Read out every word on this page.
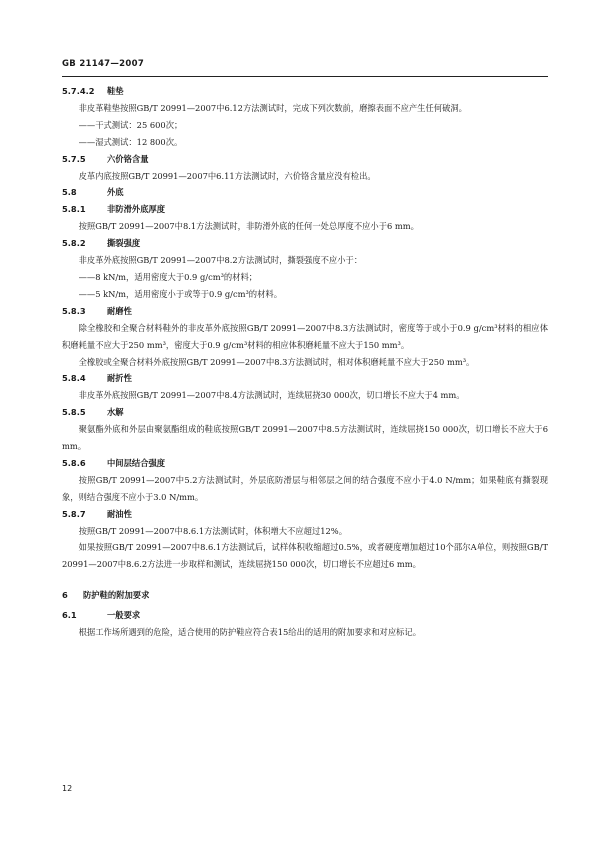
GB 21147—2007
5.7.4.2 鞋垫
非皮革鞋垫按照GB/T 20991—2007中6.12方法测试时，完成下列次数前，磨擦表面不应产生任何破洞。
——干式测试：25 600次；
——湿式测试：12 800次。
5.7.5	六价铬含量
皮革内底按照GB/T 20991—2007中6.11方法测试时，六价铬含量应没有检出。
5.8	外底
5.8.1	非防滑外底厚度
按照GB/T 20991—2007中8.1方法测试时，非防滑外底的任何一处总厚度不应小于6 mm。
5.8.2	撕裂强度
非皮革外底按照GB/T 20991—2007中8.2方法测试时，撕裂强度不应小于：
——8 kN/m，适用密度大于0.9 g/cm³的材料；
——5 kN/m，适用密度小于或等于0.9 g/cm³的材料。
5.8.3	耐磨性
除全橡胶和全聚合材料鞋外的非皮革外底按照GB/T 20991—2007中8.3方法测试时，密度等于或小于0.9 g/cm³材料的相应体积磨耗量不应大于250 mm³，密度大于0.9 g/cm³材料的相应体积磨耗量不应大于150 mm³。
全橡胶或全聚合材料外底按照GB/T 20991—2007中8.3方法测试时，相对体积磨耗量不应大于250 mm³。
5.8.4	耐折性
非皮革外底按照GB/T 20991—2007中8.4方法测试时，连续屈挠30 000次，切口增长不应大于4 mm。
5.8.5	水解
聚氨酯外底和外层由聚氨酯组成的鞋底按照GB/T 20991—2007中8.5方法测试时，连续屈挠150 000次，切口增长不应大于6 mm。
5.8.6	中间层结合强度
按照GB/T 20991—2007中5.2方法测试时，外层底防滑层与相邻层之间的结合强度不应小于4.0 N/mm；如果鞋底有撕裂现象，则结合强度不应小于3.0 N/mm。
5.8.7	耐油性
按照GB/T 20991—2007中8.6.1方法测试时，体积增大不应超过12%。
如果按照GB/T 20991—2007中8.6.1方法测试后，试样体积收缩超过0.5%，或者硬度增加超过10个邵尔A单位，则按照GB/T 20991—2007中8.6.2方法进一步取样和测试，连续屈挠150 000次，切口增长不应超过6 mm。
6 防护鞋的附加要求
6.1	一般要求
根据工作场所遇到的危险，适合使用的防护鞋应符合表15给出的适用的附加要求和对应标记。
12
